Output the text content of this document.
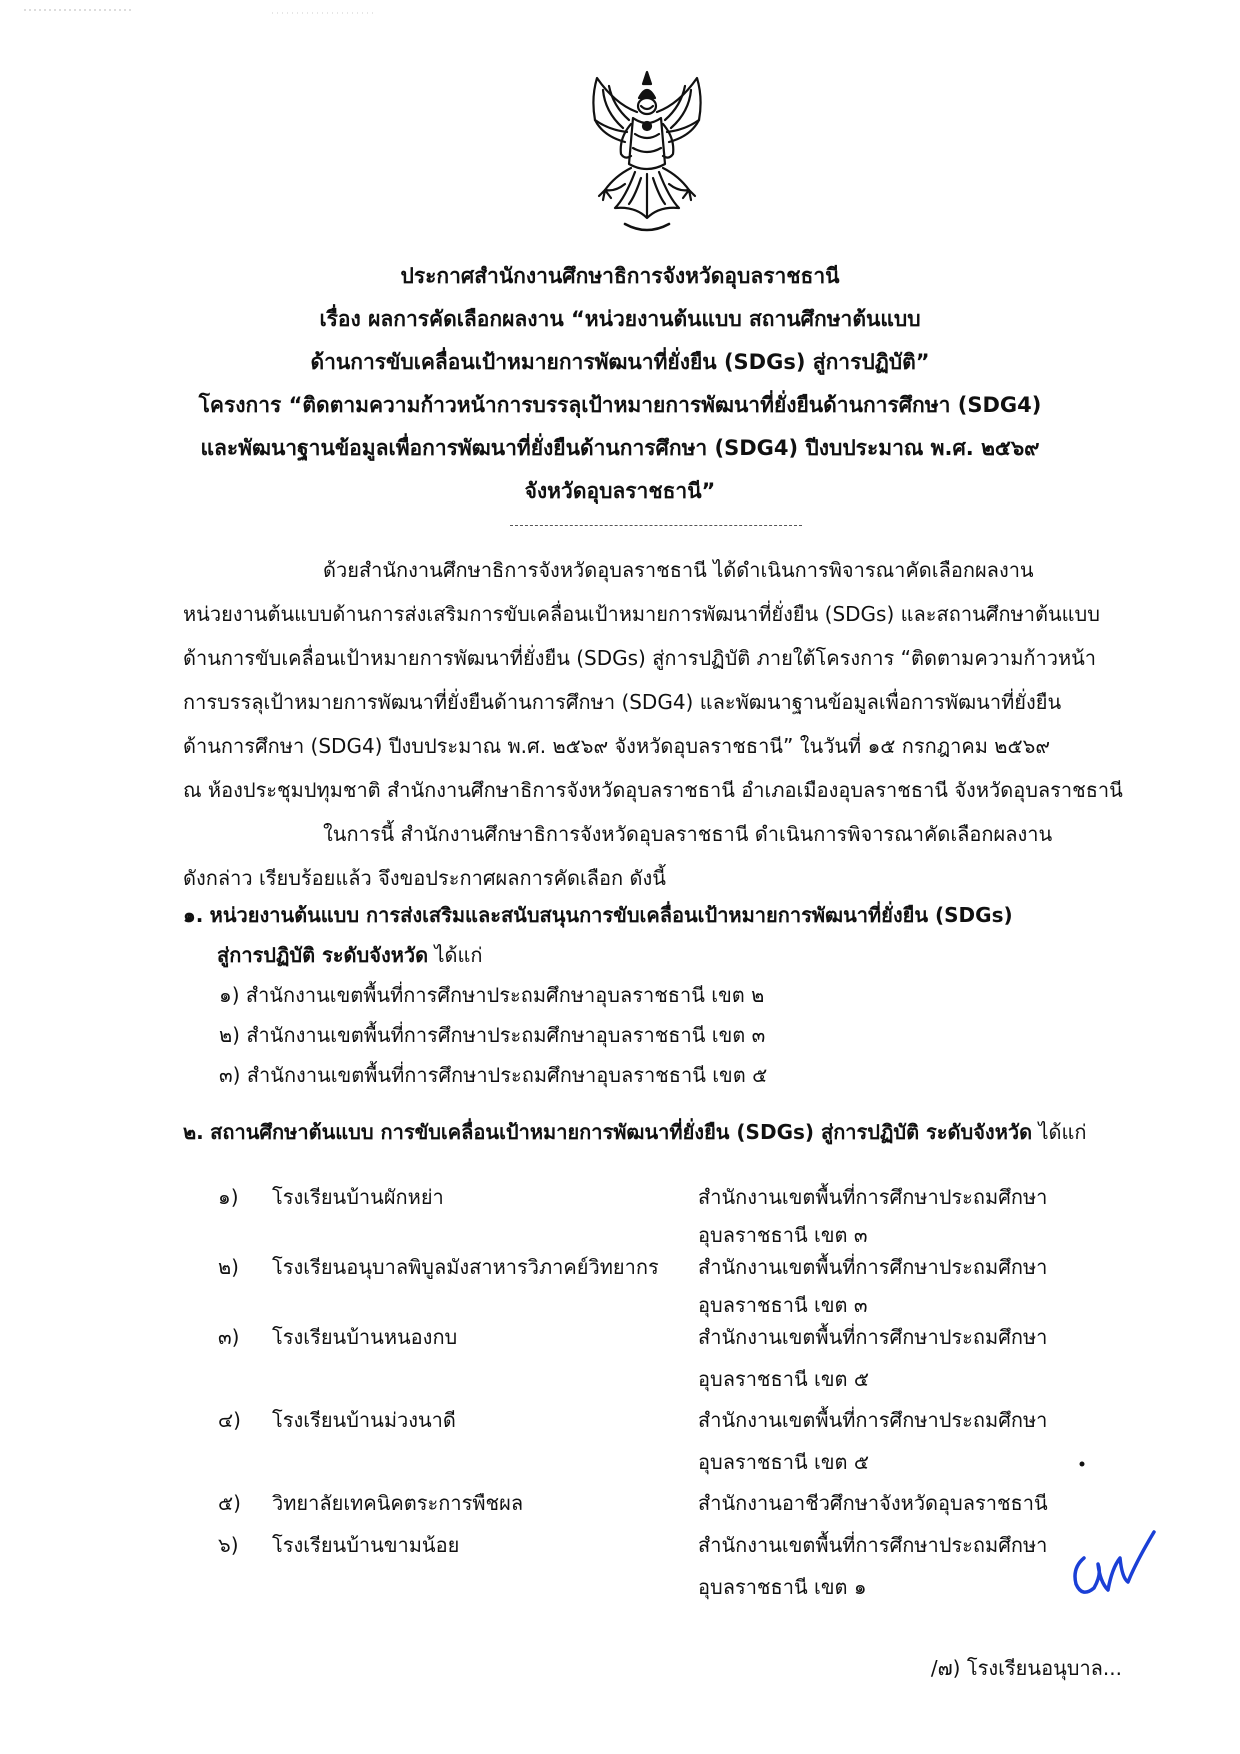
ประกาศสำนักงานศึกษาธิการจังหวัดอุบลราชธานี
เรื่อง ผลการคัดเลือกผลงาน “หน่วยงานต้นแบบ สถานศึกษาต้นแบบ
ด้านการขับเคลื่อนเป้าหมายการพัฒนาที่ยั่งยืน (SDGs) สู่การปฏิบัติ”
โครงการ “ติดตามความก้าวหน้าการบรรลุเป้าหมายการพัฒนาที่ยั่งยืนด้านการศึกษา (SDG4)
และพัฒนาฐานข้อมูลเพื่อการพัฒนาที่ยั่งยืนด้านการศึกษา (SDG4) ปีงบประมาณ พ.ศ. ๒๕๖๙
จังหวัดอุบลราชธานี”
ด้วยสำนักงานศึกษาธิการจังหวัดอุบลราชธานี ได้ดำเนินการพิจารณาคัดเลือกผลงาน
หน่วยงานต้นแบบด้านการส่งเสริมการขับเคลื่อนเป้าหมายการพัฒนาที่ยั่งยืน (SDGs) และสถานศึกษาต้นแบบ
ด้านการขับเคลื่อนเป้าหมายการพัฒนาที่ยั่งยืน (SDGs) สู่การปฏิบัติ ภายใต้โครงการ “ติดตามความก้าวหน้า
การบรรลุเป้าหมายการพัฒนาที่ยั่งยืนด้านการศึกษา (SDG4) และพัฒนาฐานข้อมูลเพื่อการพัฒนาที่ยั่งยืน
ด้านการศึกษา (SDG4) ปีงบประมาณ พ.ศ. ๒๕๖๙ จังหวัดอุบลราชธานี” ในวันที่ ๑๕ กรกฎาคม ๒๕๖๙
ณ ห้องประชุมปทุมชาติ สำนักงานศึกษาธิการจังหวัดอุบลราชธานี อำเภอเมืองอุบลราชธานี จังหวัดอุบลราชธานี
ในการนี้ สำนักงานศึกษาธิการจังหวัดอุบลราชธานี ดำเนินการพิจารณาคัดเลือกผลงาน
ดังกล่าว เรียบร้อยแล้ว จึงขอประกาศผลการคัดเลือก ดังนี้
๑. หน่วยงานต้นแบบ การส่งเสริมและสนับสนุนการขับเคลื่อนเป้าหมายการพัฒนาที่ยั่งยืน (SDGs)
สู่การปฏิบัติ ระดับจังหวัด ได้แก่
๑) สำนักงานเขตพื้นที่การศึกษาประถมศึกษาอุบลราชธานี เขต ๒
๒) สำนักงานเขตพื้นที่การศึกษาประถมศึกษาอุบลราชธานี เขต ๓
๓) สำนักงานเขตพื้นที่การศึกษาประถมศึกษาอุบลราชธานี เขต ๕
๒. สถานศึกษาต้นแบบ การขับเคลื่อนเป้าหมายการพัฒนาที่ยั่งยืน (SDGs) สู่การปฏิบัติ ระดับจังหวัด ได้แก่
๑)	โรงเรียนบ้านผักหย่า	สำนักงานเขตพื้นที่การศึกษาประถมศึกษา
อุบลราชธานี เขต ๓
๒)	โรงเรียนอนุบาลพิบูลมังสาหารวิภาคย์วิทยากร	สำนักงานเขตพื้นที่การศึกษาประถมศึกษา
อุบลราชธานี เขต ๓
๓)	โรงเรียนบ้านหนองกบ	สำนักงานเขตพื้นที่การศึกษาประถมศึกษา
อุบลราชธานี เขต ๕
๔)	โรงเรียนบ้านม่วงนาดี	สำนักงานเขตพื้นที่การศึกษาประถมศึกษา
อุบลราชธานี เขต ๕
๕)	วิทยาลัยเทคนิคตระการพืชผล	สำนักงานอาชีวศึกษาจังหวัดอุบลราชธานี
๖)	โรงเรียนบ้านขามน้อย	สำนักงานเขตพื้นที่การศึกษาประถมศึกษา
อุบลราชธานี เขต ๑
/๗) โรงเรียนอนุบาล...
